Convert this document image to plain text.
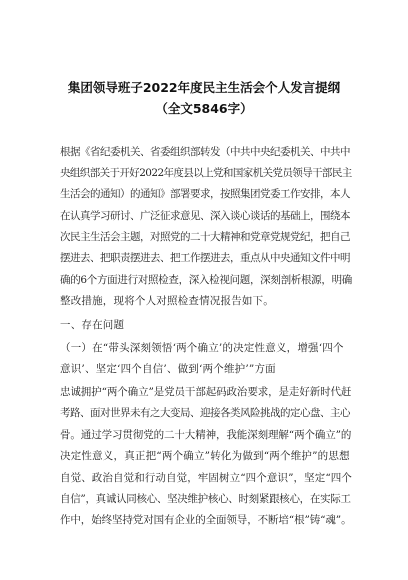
集团领导班子2022年度民主生活会个人发言提纲
（全文5846字）
根据《省纪委机关、省委组织部转发（中共中央纪委机关、中共中
央组织部关于开好2022年度县以上党和国家机关党员领导干部民主
生活会的通知）的通知》部署要求，按照集团党委工作安排，本人
在认真学习研讨、广泛征求意见、深入谈心谈话的基础上，围绕本
次民主生活会主题，对照党的二十大精神和党章党规党纪，把自己
摆进去、把职责摆进去、把工作摆进去，重点从中央通知文件中明
确的6个方面进行对照检查，深入检视问题，深刻剖析根源，明确
整改措施，现将个人对照检查情况报告如下。
一、存在问题
（一）在“带头深刻领悟‘两个确立’的决定性意义，增强‘四个
意识’、坚定‘四个自信’、做到‘两个维护’”方面
忠诚拥护“两个确立”是党员干部起码政治要求，是走好新时代赶
考路、面对世界未有之大变局、迎接各类风险挑战的定心盘、主心
骨。通过学习贯彻党的二十大精神，我能深刻理解“两个确立”的
决定性意义，真正把“两个确立”转化为做到“两个维护”的思想
自觉、政治自觉和行动自觉，牢固树立“四个意识”，坚定“四个
自信”，真诚认同核心、坚决维护核心、时刻紧跟核心，在实际工
作中，始终坚持党对国有企业的全面领导，不断培“根”铸“魂”。
